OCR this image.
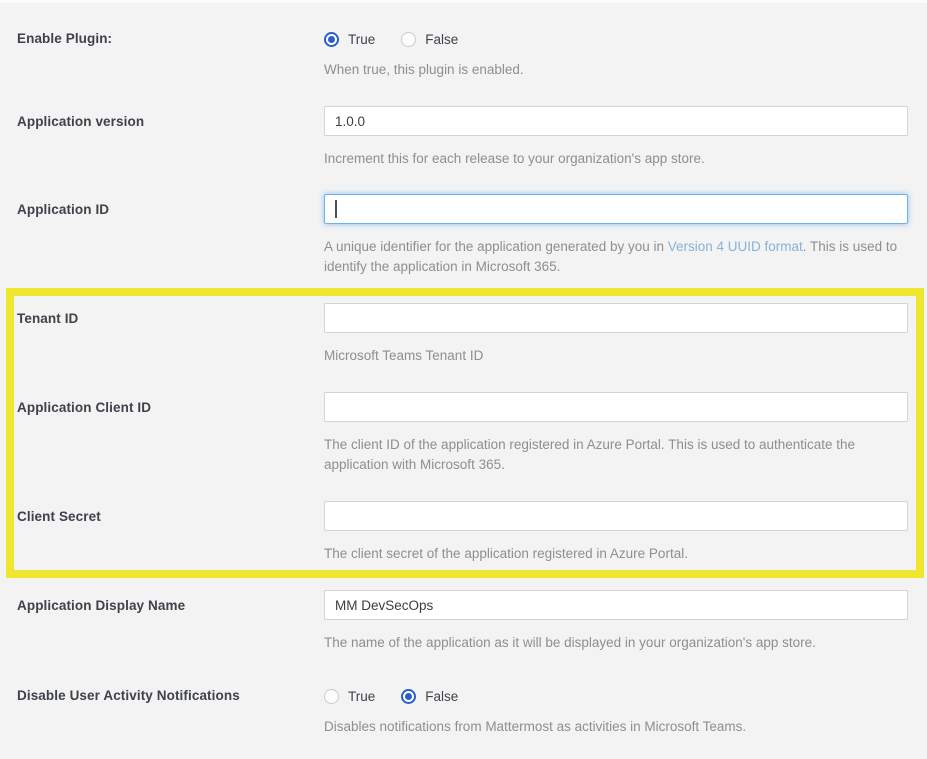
Enable Plugin:	True	False
When true, this plugin is enabled.
Application version
1.0.0
Increment this for each release to your organization's app store.
Application ID
A unique identifier for the application generated by you in Version 4 UUID format. This is used to identify the application in Microsoft 365.
Tenant ID
Microsoft Teams Tenant ID
Application Client ID
The client ID of the application registered in Azure Portal. This is used to authenticate the application with Microsoft 365.
Client Secret
The client secret of the application registered in Azure Portal.
Application Display Name
MM DevSecOps
The name of the application as it will be displayed in your organization's app store.
Disable User Activity Notifications	True	False
Disables notifications from Mattermost as activities in Microsoft Teams.
